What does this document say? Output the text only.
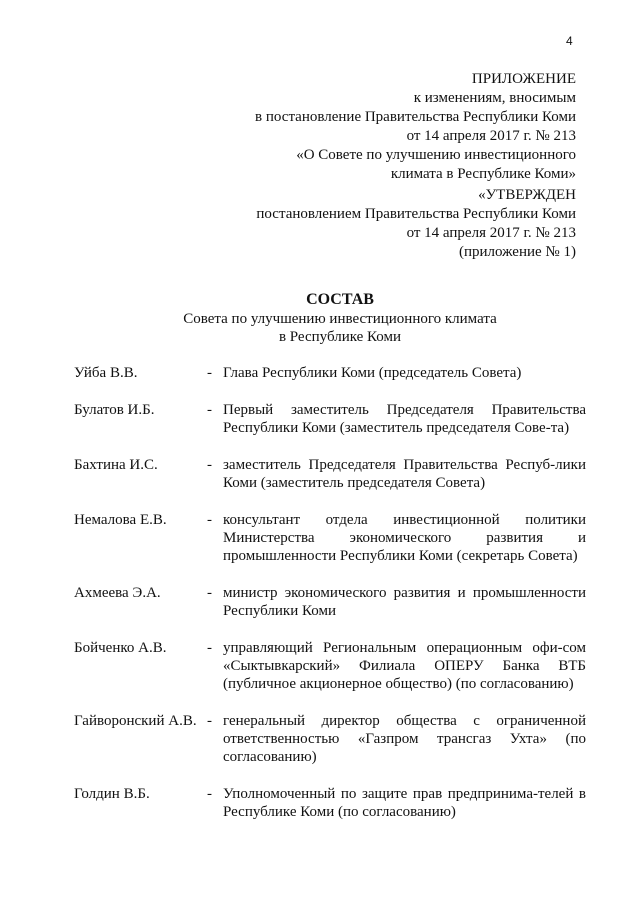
4
ПРИЛОЖЕНИЕ
к изменениям, вносимым
в постановление Правительства Республики Коми
от 14 апреля 2017 г. № 213
«О Совете по улучшению инвестиционного
климата в Республике Коми»
«УТВЕРЖДЕН
постановлением Правительства Республики Коми
от 14 апреля 2017 г. № 213
(приложение № 1)
СОСТАВ
Совета по улучшению инвестиционного климата
в Республике Коми
Уйба В.В.	- Глава Республики Коми (председатель Совета)
Булатов И.Б.	- Первый заместитель Председателя Правительства Республики Коми (заместитель председателя Сове-та)
Бахтина И.С.	- заместитель Председателя Правительства Респуб-лики Коми (заместитель председателя Совета)
Немалова Е.В.	- консультант отдела инвестиционной политики Министерства экономического развития и промышленности Республики Коми (секретарь Совета)
Ахмеева Э.А.	- министр экономического развития и промышленности Республики Коми
Бойченко А.В.	- управляющий Региональным операционным офи-сом «Сыктывкарский» Филиала ОПЕРУ Банка ВТБ (публичное акционерное общество) (по согласованию)
Гайворонский А.В. - генеральный директор общества с ограниченной ответственностью «Газпром трансгаз Ухта» (по согласованию)
Голдин В.Б.	- Уполномоченный по защите прав предпринима-телей в Республике Коми (по согласованию)
